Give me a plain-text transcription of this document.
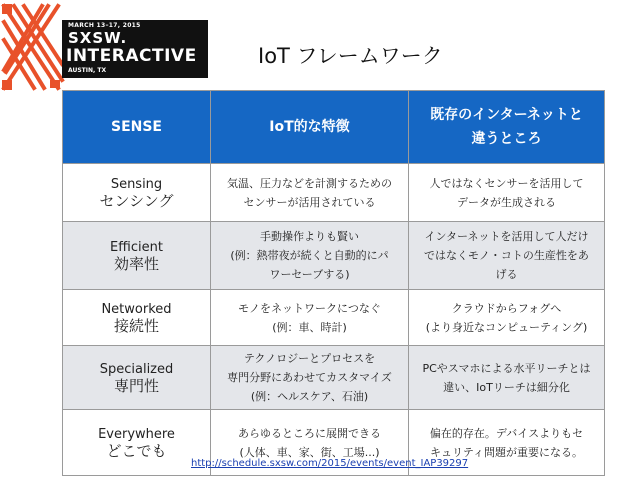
MARCH 13–17, 2015
SXSW.
INTERACTIVE
AUSTIN, TX
IoT フレームワーク
SENSE	IoT的な特徴	既存のインターネットと
違うところ

Sensing
センシング	気温、圧力などを計測するための
センサーが活用されている	人ではなくセンサーを活用して
データが生成される

Efficient
効率性	手動操作よりも賢い
(例：熱帯夜が続くと自動的にパ
ワーセーブする)	インターネットを活用して人だけ
ではなくモノ・コトの生産性をあ
げる

Networked
接続性	モノをネットワークにつなぐ
(例：車、時計)	クラウドからフォグへ
(より身近なコンピューティング)

Specialized
専門性	テクノロジーとプロセスを
専門分野にあわせてカスタマイズ
(例：ヘルスケア、石油)	PCやスマホによる水平リーチとは
違い、IoTリーチは細分化

Everywhere
どこでも	あらゆるところに展開できる
(人体、車、家、街、工場...)	偏在的存在。デバイスよりもセ
キュリティ問題が重要になる。
http://schedule.sxsw.com/2015/events/event_IAP39297
